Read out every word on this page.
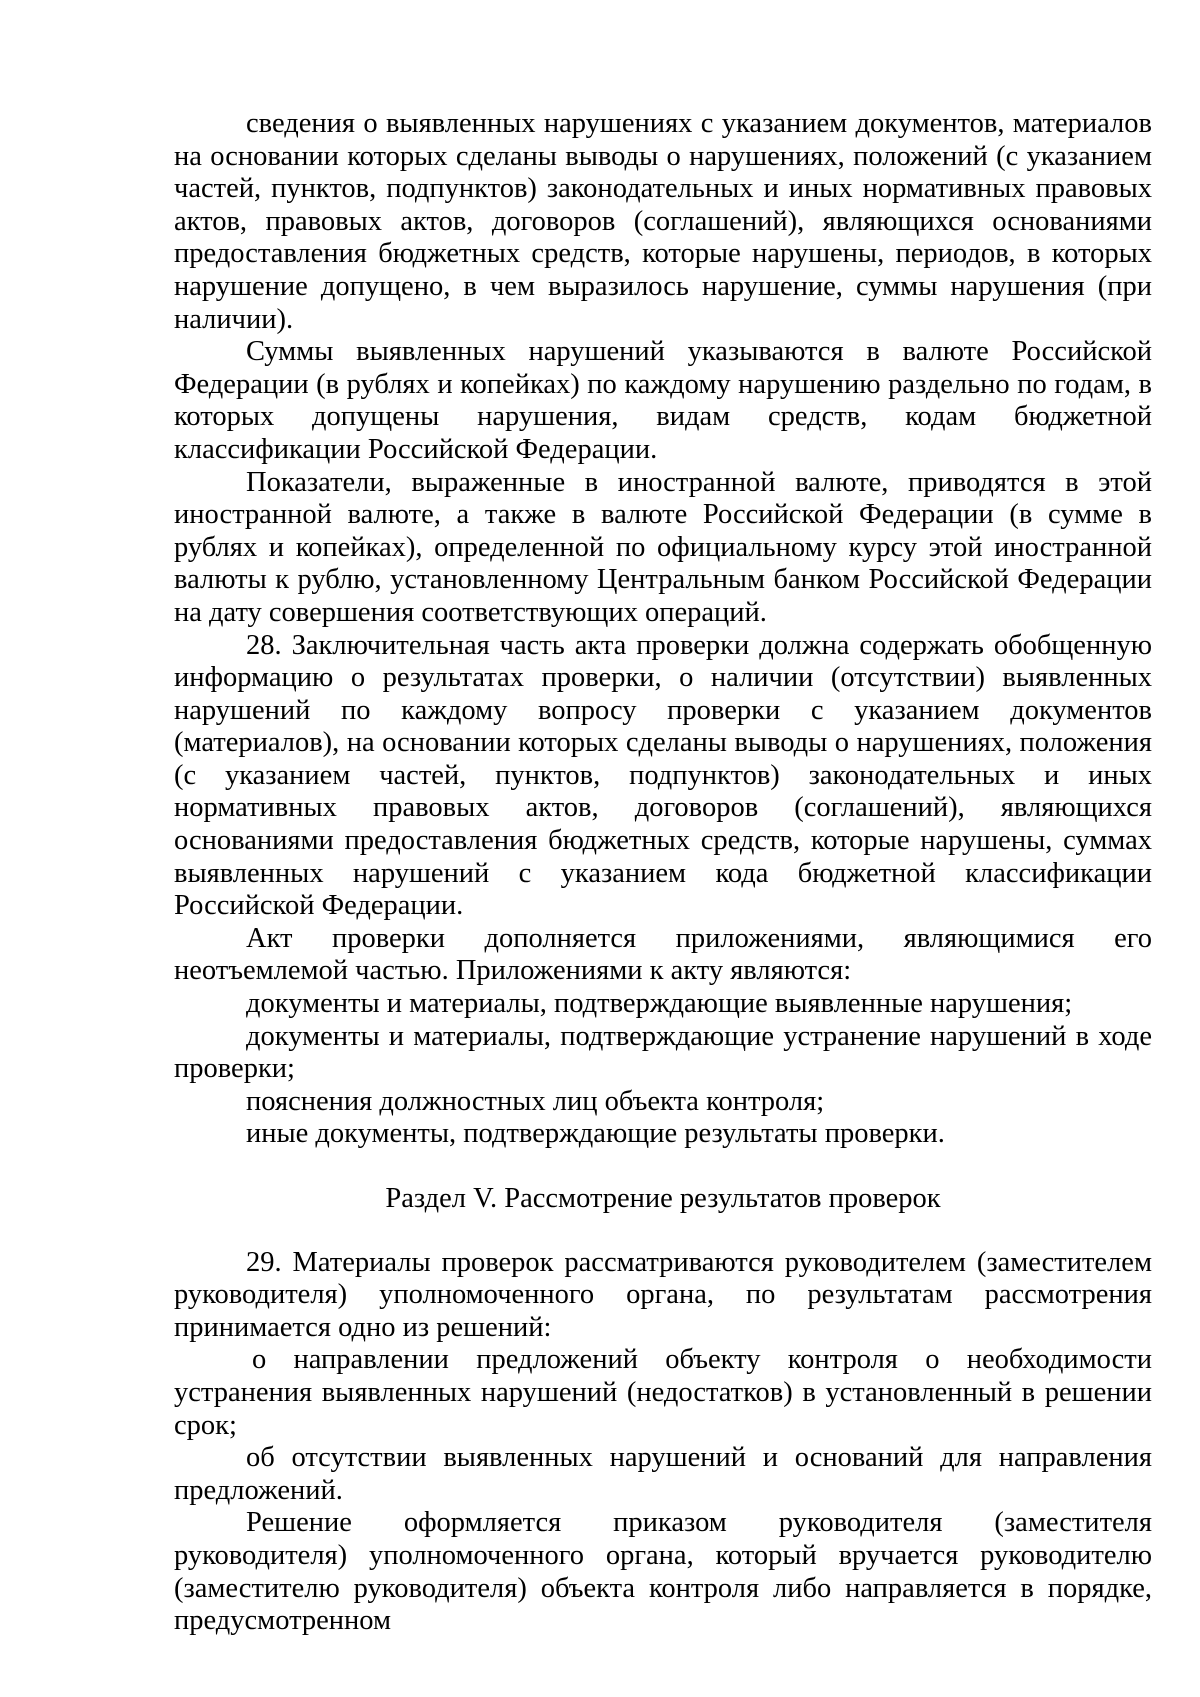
сведения о выявленных нарушениях с указанием документов, материалов на основании которых сделаны выводы о нарушениях, положений (с указанием частей, пунктов, подпунктов) законодательных и иных нормативных правовых актов, правовых актов, договоров (соглашений), являющихся основаниями предоставления бюджетных средств, которые нарушены, периодов, в которых нарушение допущено, в чем выразилось нарушение, суммы нарушения (при наличии).

Суммы выявленных нарушений указываются в валюте Российской Федерации (в рублях и копейках) по каждому нарушению раздельно по годам, в которых допущены нарушения, видам средств, кодам бюджетной классификации Российской Федерации.

Показатели, выраженные в иностранной валюте, приводятся в этой иностранной валюте, а также в валюте Российской Федерации (в сумме в рублях и копейках), определенной по официальному курсу этой иностранной валюты к рублю, установленному Центральным банком Российской Федерации на дату совершения соответствующих операций.

28. Заключительная часть акта проверки должна содержать обобщенную информацию о результатах проверки, о наличии (отсутствии) выявленных нарушений по каждому вопросу проверки с указанием документов (материалов), на основании которых сделаны выводы о нарушениях, положения (с указанием частей, пунктов, подпунктов) законодательных и иных нормативных правовых актов, договоров (соглашений), являющихся основаниями предоставления бюджетных средств, которые нарушены, суммах выявленных нарушений с указанием кода бюджетной классификации Российской Федерации.

Акт проверки дополняется приложениями, являющимися его неотъемлемой частью. Приложениями к акту являются:

документы и материалы, подтверждающие выявленные нарушения;

документы и материалы, подтверждающие устранение нарушений в ходе проверки;

пояснения должностных лиц объекта контроля;

иные документы, подтверждающие результаты проверки.

Раздел V. Рассмотрение результатов проверок

29. Материалы проверок рассматриваются руководителем (заместителем руководителя) уполномоченного органа, по результатам рассмотрения принимается одно из решений:

о направлении предложений объекту контроля о необходимости устранения выявленных нарушений (недостатков) в установленный в решении срок;

об отсутствии выявленных нарушений и оснований для направления предложений.

Решение оформляется приказом руководителя (заместителя руководителя) уполномоченного органа, который вручается руководителю (заместителю руководителя) объекта контроля либо направляется в порядке, предусмотренном
